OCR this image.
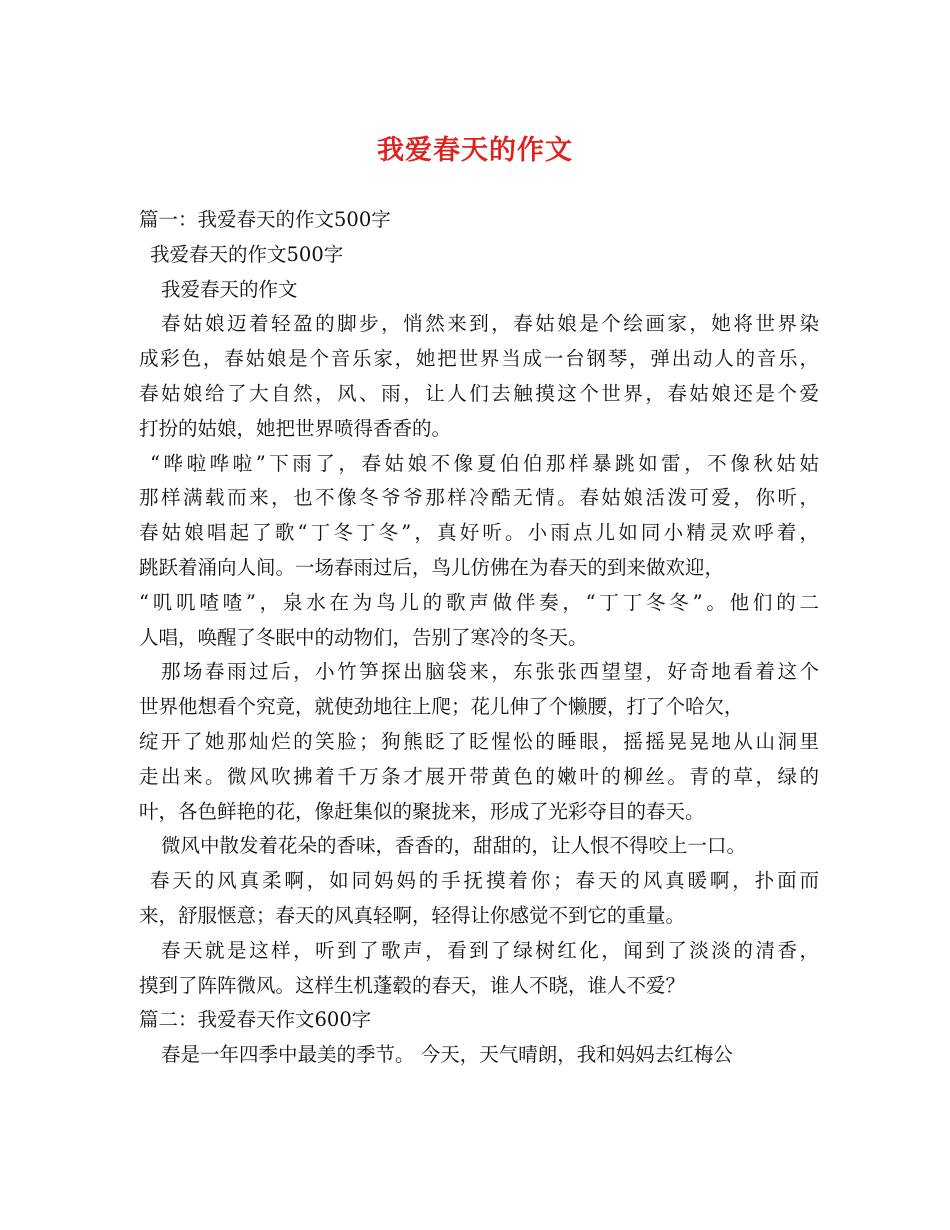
我爱春天的作文

篇一：我爱春天的作文500字

我爱春天的作文500字

我爱春天的作文

春姑娘迈着轻盈的脚步，悄然来到，春姑娘是个绘画家，她将世界染

成彩色，春姑娘是个音乐家，她把世界当成一台钢琴，弹出动人的音乐，

春姑娘给了大自然，风、雨，让人们去触摸这个世界，春姑娘还是个爱

打扮的姑娘，她把世界喷得香香的。

“哗啦哗啦”下雨了，春姑娘不像夏伯伯那样暴跳如雷，不像秋姑姑

那样满载而来，也不像冬爷爷那样冷酷无情。春姑娘活泼可爱，你听，

春姑娘唱起了歌“丁冬丁冬”，真好听。小雨点儿如同小精灵欢呼着，

跳跃着涌向人间。一场春雨过后，鸟儿仿佛在为春天的到来做欢迎，

“叽叽喳喳”，泉水在为鸟儿的歌声做伴奏，“丁丁冬冬”。他们的二

人唱，唤醒了冬眠中的动物们，告别了寒冷的冬天。

那场春雨过后，小竹笋探出脑袋来，东张张西望望，好奇地看着这个

世界他想看个究竟，就使劲地往上爬；花儿伸了个懒腰，打了个哈欠，

绽开了她那灿烂的笑脸；狗熊眨了眨惺忪的睡眼，摇摇晃晃地从山洞里

走出来。微风吹拂着千万条才展开带黄色的嫩叶的柳丝。青的草，绿的

叶，各色鲜艳的花，像赶集似的聚拢来，形成了光彩夺目的春天。

微风中散发着花朵的香味，香香的，甜甜的，让人恨不得咬上一口。

春天的风真柔啊，如同妈妈的手抚摸着你；春天的风真暖啊，扑面而

来，舒服惬意；春天的风真轻啊，轻得让你感觉不到它的重量。

春天就是这样，听到了歌声，看到了绿树红化，闻到了淡淡的清香，

摸到了阵阵微风。这样生机蓬毂的春天，谁人不晓，谁人不爱？

篇二：我爱春天作文600字

春是一年四季中最美的季节。 今天，天气晴朗，我和妈妈去红梅公
